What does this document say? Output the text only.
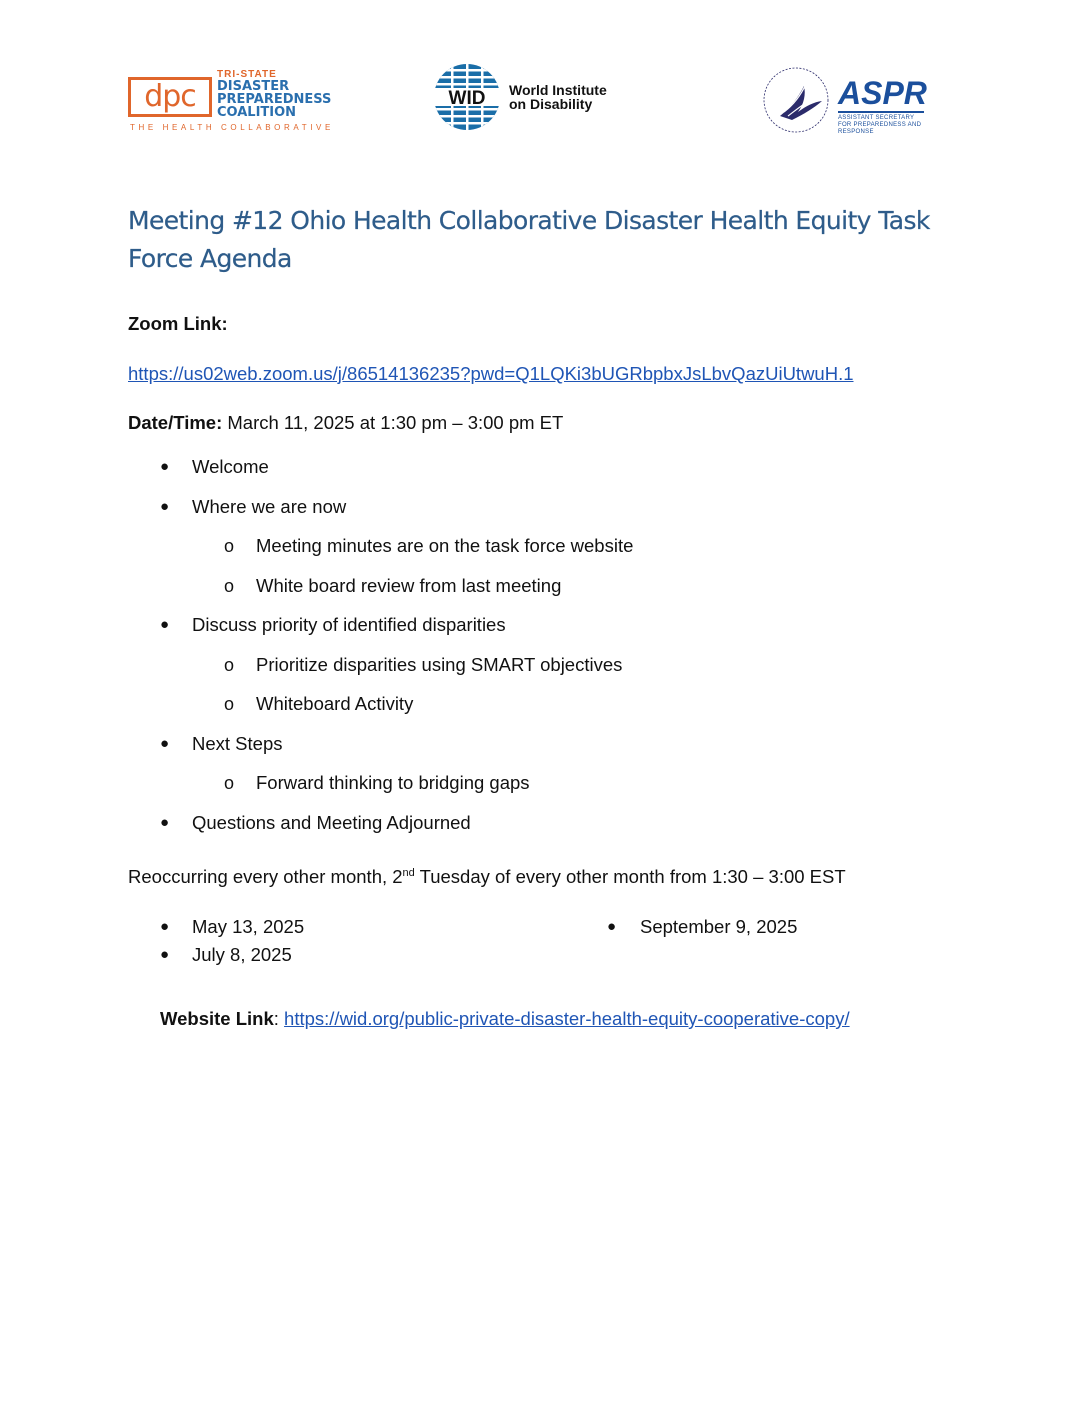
dpc
TRI-STATE
DISASTER
PREPAREDNESS
COALITION
THE HEALTH COLLABORATIVE
WID World Institute
on Disability	ASPR
ASSISTANT SECRETARY FOR PREPAREDNESS AND RESPONSE
Meeting #12 Ohio Health Collaborative Disaster Health Equity Task Force Agenda
Zoom Link:
https://us02web.zoom.us/j/86514136235?pwd=Q1LQKi3bUGRbpbxJsLbvQazUiUtwuH.1
Date/Time: March 11, 2025 at 1:30 pm – 3:00 pm ET
● Welcome
● Where we are now
o Meeting minutes are on the task force website
o White board review from last meeting
● Discuss priority of identified disparities
o Prioritize disparities using SMART objectives
o Whiteboard Activity
● Next Steps
o Forward thinking to bridging gaps
● Questions and Meeting Adjourned
Reoccurring every other month, 2nd Tuesday of every other month from 1:30 – 3:00 EST
● May 13, 2025
● July 8, 2025
● September 9, 2025
Website Link: https://wid.org/public-private-disaster-health-equity-cooperative-copy/
